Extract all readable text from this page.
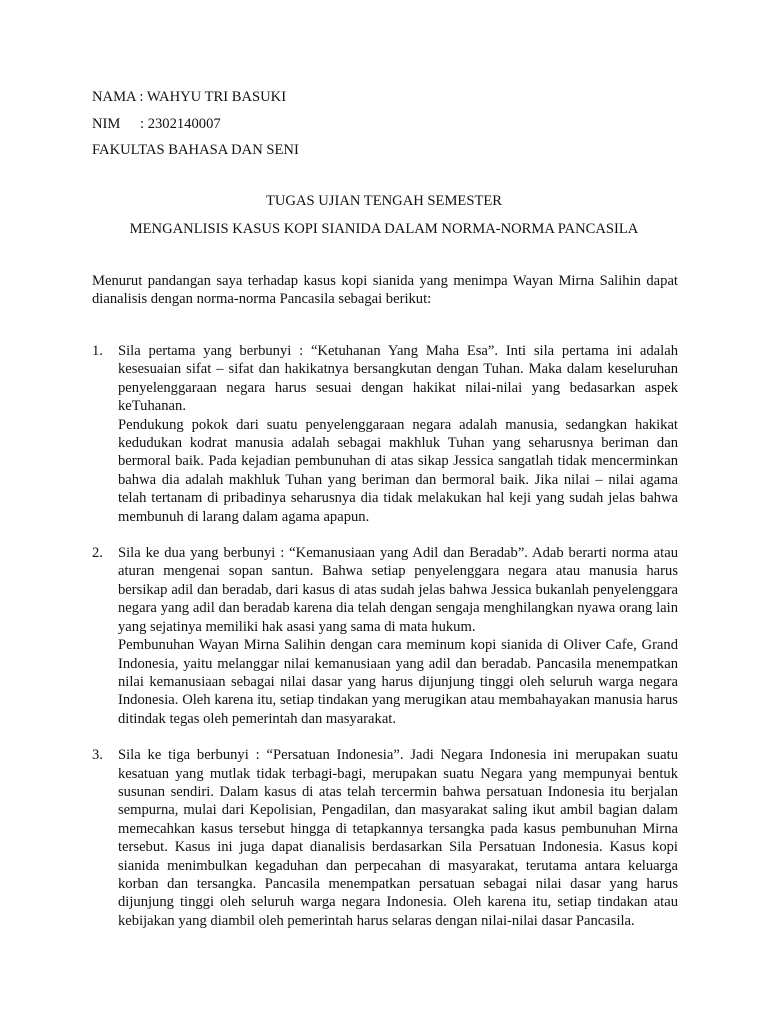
NAMA : WAHYU TRI BASUKI
NIM : 2302140007
FAKULTAS BAHASA DAN SENI
TUGAS UJIAN TENGAH SEMESTER
MENGANLISIS KASUS KOPI SIANIDA DALAM NORMA-NORMA PANCASILA
Menurut pandangan saya terhadap kasus kopi sianida yang menimpa Wayan Mirna Salihin dapat dianalisis dengan norma-norma Pancasila sebagai berikut:
1.	Sila pertama yang berbunyi : “Ketuhanan Yang Maha Esa”. Inti sila pertama ini adalah kesesuaian sifat – sifat dan hakikatnya bersangkutan dengan Tuhan. Maka dalam keseluruhan penyelenggaraan negara harus sesuai dengan hakikat nilai-nilai yang bedasarkan aspek keTuhanan.

Pendukung pokok dari suatu penyelenggaraan negara adalah manusia, sedangkan hakikat kedudukan kodrat manusia adalah sebagai makhluk Tuhan yang seharusnya beriman dan bermoral baik. Pada kejadian pembunuhan di atas sikap Jessica sangatlah tidak mencerminkan bahwa dia adalah makhluk Tuhan yang beriman dan bermoral baik. Jika nilai – nilai agama telah tertanam di pribadinya seharusnya dia tidak melakukan hal keji yang sudah jelas bahwa membunuh di larang dalam agama apapun.

2.	Sila ke dua yang berbunyi : “Kemanusiaan yang Adil dan Beradab”. Adab berarti norma atau aturan mengenai sopan santun. Bahwa setiap penyelenggara negara atau manusia harus bersikap adil dan beradab, dari kasus di atas sudah jelas bahwa Jessica bukanlah penyelenggara negara yang adil dan beradab karena dia telah dengan sengaja menghilangkan nyawa orang lain yang sejatinya memiliki hak asasi yang sama di mata hukum.

Pembunuhan Wayan Mirna Salihin dengan cara meminum kopi sianida di Oliver Cafe, Grand Indonesia, yaitu melanggar nilai kemanusiaan yang adil dan beradab. Pancasila menempatkan nilai kemanusiaan sebagai nilai dasar yang harus dijunjung tinggi oleh seluruh warga negara Indonesia. Oleh karena itu, setiap tindakan yang merugikan atau membahayakan manusia harus ditindak tegas oleh pemerintah dan masyarakat.

3.	Sila ke tiga berbunyi : “Persatuan Indonesia”. Jadi Negara Indonesia ini merupakan suatu kesatuan yang mutlak tidak terbagi-bagi, merupakan suatu Negara yang mempunyai bentuk susunan sendiri. Dalam kasus di atas telah tercermin bahwa persatuan Indonesia itu berjalan sempurna, mulai dari Kepolisian, Pengadilan, dan masyarakat saling ikut ambil bagian dalam memecahkan kasus tersebut hingga di tetapkannya tersangka pada kasus pembunuhan Mirna tersebut. Kasus ini juga dapat dianalisis berdasarkan Sila Persatuan Indonesia. Kasus kopi sianida menimbulkan kegaduhan dan perpecahan di masyarakat, terutama antara keluarga korban dan tersangka. Pancasila menempatkan persatuan sebagai nilai dasar yang harus dijunjung tinggi oleh seluruh warga negara Indonesia. Oleh karena itu, setiap tindakan atau kebijakan yang diambil oleh pemerintah harus selaras dengan nilai-nilai dasar Pancasila.
